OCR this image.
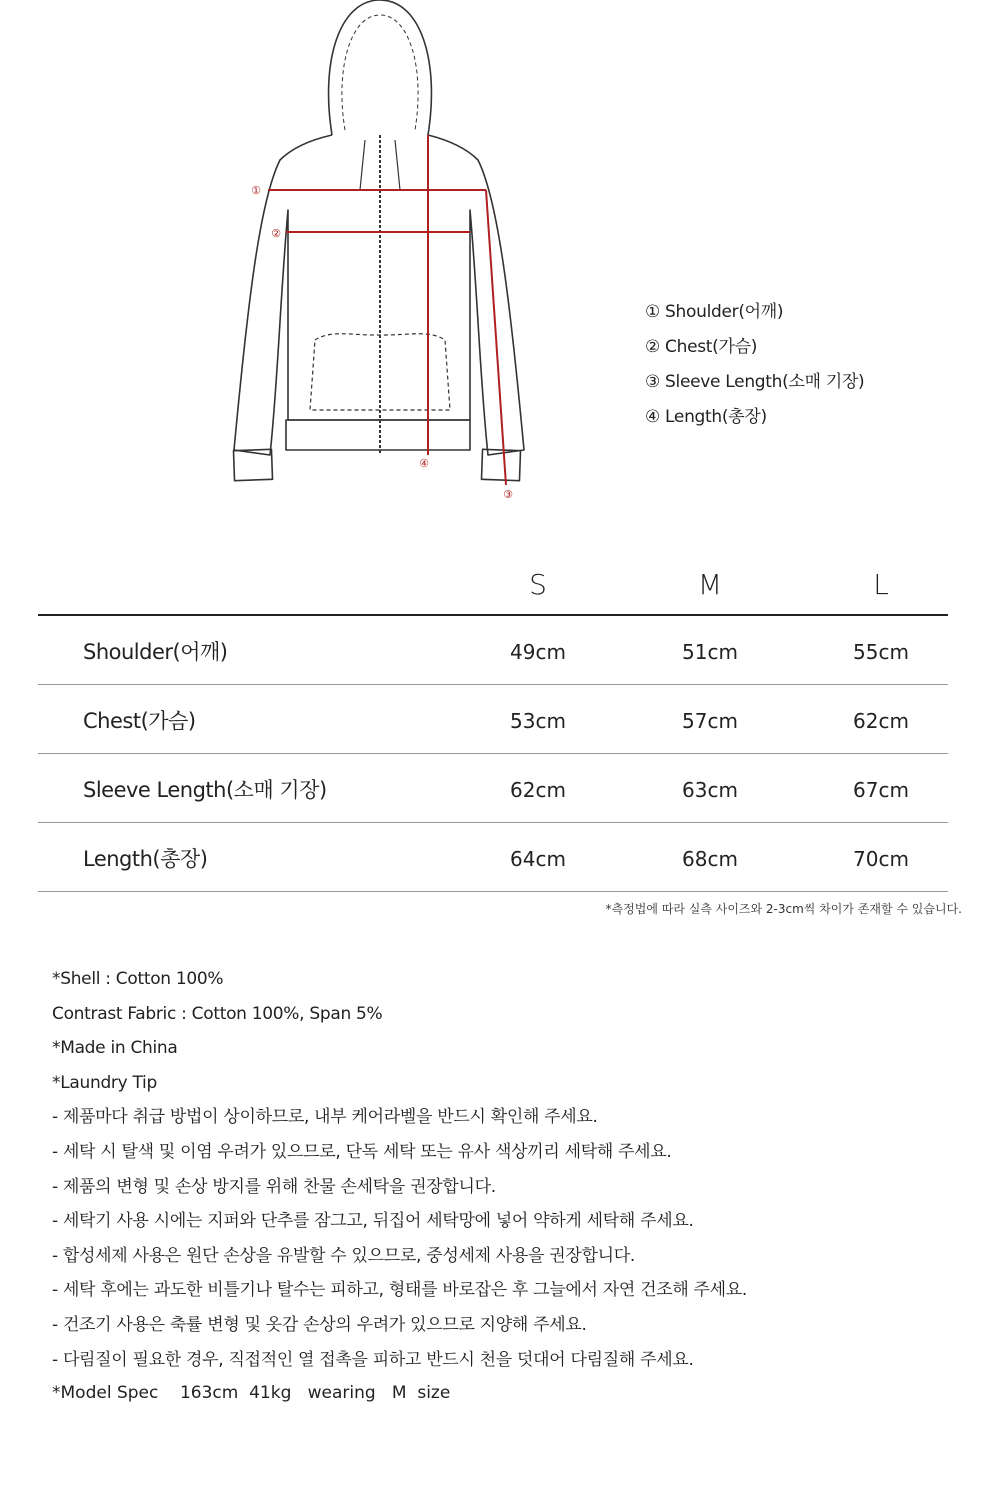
①
②
③
④
① Shoulder(어깨)
② Chest(가슴)
③ Sleeve Length(소매 기장)
④ Length(총장)
S	M	L
Shoulder(어깨)	49cm	51cm	55cm
Chest(가슴)	53cm	57cm	62cm
Sleeve Length(소매 기장)	62cm	63cm	67cm
Length(총장)	64cm	68cm	70cm
*측정법에 따라 실측 사이즈와 2-3cm씩 차이가 존재할 수 있습니다.
*Shell : Cotton 100%
Contrast Fabric : Cotton 100%, Span 5%
*Made in China
*Laundry Tip
- 제품마다 취급 방법이 상이하므로, 내부 케어라벨을 반드시 확인해 주세요.
- 세탁 시 탈색 및 이염 우려가 있으므로, 단독 세탁 또는 유사 색상끼리 세탁해 주세요.
- 제품의 변형 및 손상 방지를 위해 찬물 손세탁을 권장합니다.
- 세탁기 사용 시에는 지퍼와 단추를 잠그고, 뒤집어 세탁망에 넣어 약하게 세탁해 주세요.
- 합성세제 사용은 원단 손상을 유발할 수 있으므로, 중성세제 사용을 권장합니다.
- 세탁 후에는 과도한 비틀기나 탈수는 피하고, 형태를 바로잡은 후 그늘에서 자연 건조해 주세요.
- 건조기 사용은 축률 변형 및 옷감 손상의 우려가 있으므로 지양해 주세요.
- 다림질이 필요한 경우, 직접적인 열 접촉을 피하고 반드시 천을 덧대어 다림질해 주세요.
*Model Spec    163cm  41kg   wearing   M  size
